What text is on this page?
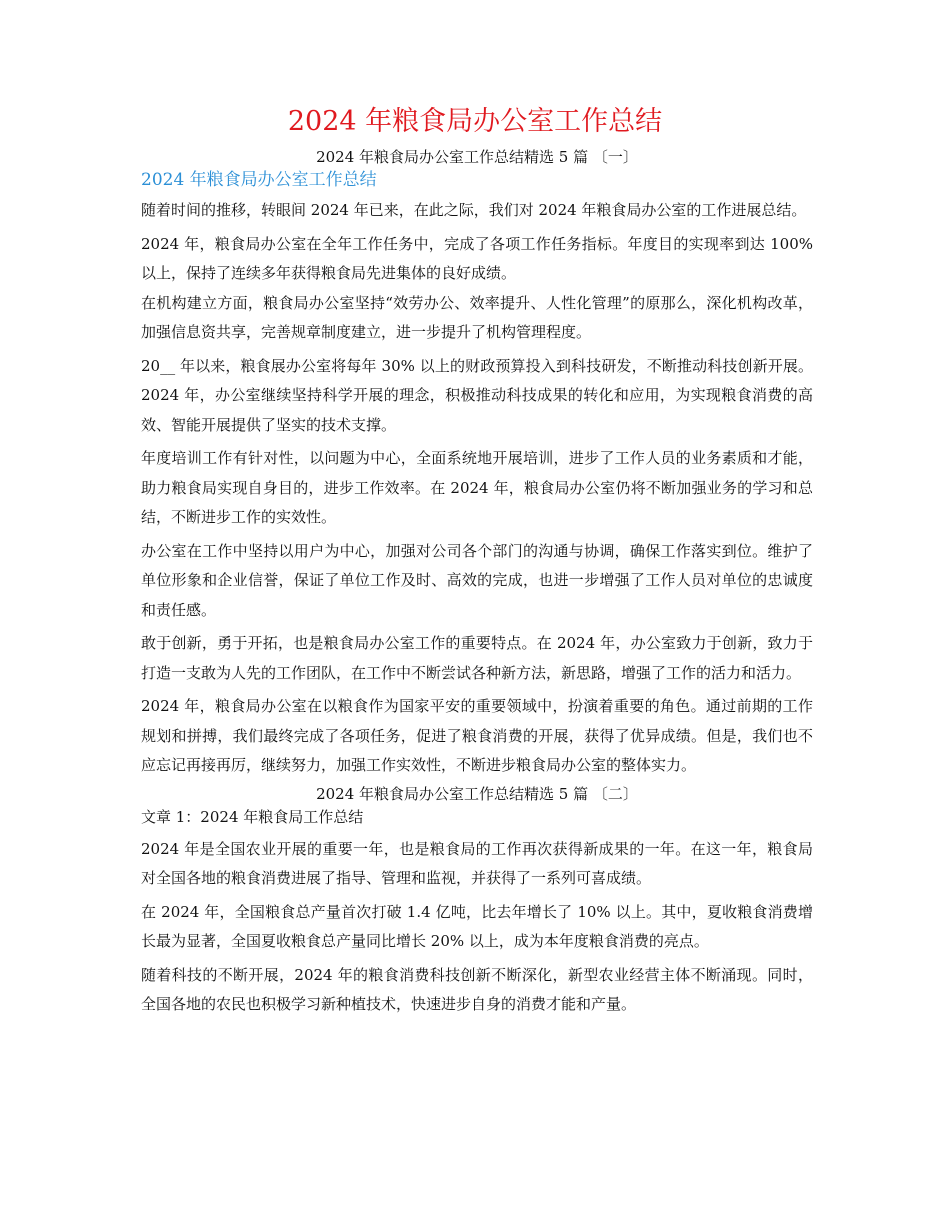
2024 年粮食局办公室工作总结
2024 年粮食局办公室工作总结精选 5 篇 〔一〕
2024 年粮食局办公室工作总结
随着时间的推移，转眼间 2024 年已来，在此之际，我们对 2024 年粮食局办公室的工作进展总结。
2024 年，粮食局办公室在全年工作任务中，完成了各项工作任务指标。年度目的实现率到达 100% 以上，保持了连续多年获得粮食局先进集体的良好成绩。
在机构建立方面，粮食局办公室坚持“效劳办公、效率提升、人性化管理”的原那么，深化机构改革，加强信息资共享，完善规章制度建立，进一步提升了机构管理程度。
20__ 年以来，粮食展办公室将每年 30% 以上的财政预算投入到科技研发，不断推动科技创新开展。2024 年，办公室继续坚持科学开展的理念，积极推动科技成果的转化和应用，为实现粮食消费的高效、智能开展提供了坚实的技术支撑。
年度培训工作有针对性，以问题为中心，全面系统地开展培训，进步了工作人员的业务素质和才能，助力粮食局实现自身目的，进步工作效率。在 2024 年，粮食局办公室仍将不断加强业务的学习和总结，不断进步工作的实效性。
办公室在工作中坚持以用户为中心，加强对公司各个部门的沟通与协调，确保工作落实到位。维护了单位形象和企业信誉，保证了单位工作及时、高效的完成，也进一步增强了工作人员对单位的忠诚度和责任感。
敢于创新，勇于开拓，也是粮食局办公室工作的重要特点。在 2024 年，办公室致力于创新，致力于打造一支敢为人先的工作团队，在工作中不断尝试各种新方法，新思路，增强了工作的活力和活力。
2024 年，粮食局办公室在以粮食作为国家平安的重要领域中，扮演着重要的角色。通过前期的工作规划和拼搏，我们最终完成了各项任务，促进了粮食消费的开展，获得了优异成绩。但是，我们也不应忘记再接再厉，继续努力，加强工作实效性，不断进步粮食局办公室的整体实力。
2024 年粮食局办公室工作总结精选 5 篇 〔二〕
文章 1：2024 年粮食局工作总结
2024 年是全国农业开展的重要一年，也是粮食局的工作再次获得新成果的一年。在这一年，粮食局对全国各地的粮食消费进展了指导、管理和监视，并获得了一系列可喜成绩。
在 2024 年，全国粮食总产量首次打破 1.4 亿吨，比去年增长了 10% 以上。其中，夏收粮食消费增长最为显著，全国夏收粮食总产量同比增长 20% 以上，成为本年度粮食消费的亮点。
随着科技的不断开展，2024 年的粮食消费科技创新不断深化，新型农业经营主体不断涌现。同时，全国各地的农民也积极学习新种植技术，快速进步自身的消费才能和产量。
